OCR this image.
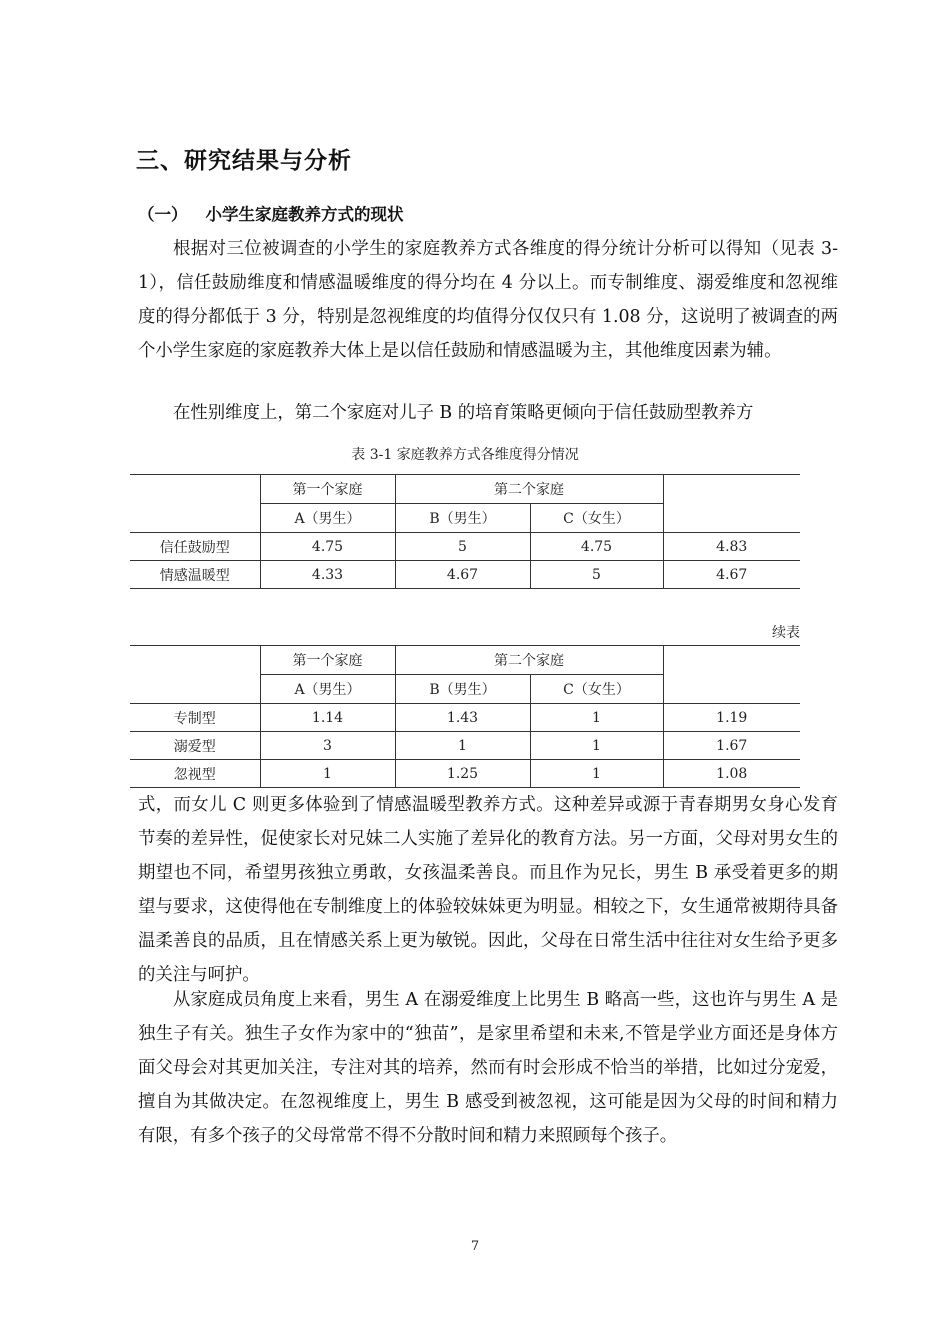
三、研究结果与分析
（一） 小学生家庭教养方式的现状

根据对三位被调查的小学生的家庭教养方式各维度的得分统计分析可以得知（见表 3-1），信任鼓励维度和情感温暖维度的得分均在 4 分以上。而专制维度、溺爱维度和忽视维度的得分都低于 3 分，特别是忽视维度的均值得分仅仅只有 1.08 分，这说明了被调查的两个小学生家庭的家庭教养大体上是以信任鼓励和情感温暖为主，其他维度因素为辅。

在性别维度上，第二个家庭对儿子 B 的培育策略更倾向于信任鼓励型教养方

表 3-1 家庭教养方式各维度得分情况
	第一个家庭	第二个家庭		
	A（男生）	B（男生）	C（女生）	
信任鼓励型	4.75	5	4.75	4.83
情感温暖型	4.33	4.67	5	4.67
续表
	第一个家庭	第二个家庭		
	A（男生）	B（男生）	C（女生）	
专制型	1.14	1.43	1	1.19
溺爱型	3	1	1	1.67
忽视型	1	1.25	1	1.08

式，而女儿 C 则更多体验到了情感温暖型教养方式。这种差异或源于青春期男女身心发育节奏的差异性，促使家长对兄妹二人实施了差异化的教育方法。另一方面，父母对男女生的期望也不同，希望男孩独立勇敢，女孩温柔善良。而且作为兄长，男生 B 承受着更多的期望与要求，这使得他在专制维度上的体验较妹妹更为明显。相较之下，女生通常被期待具备温柔善良的品质，且在情感关系上更为敏锐。因此，父母在日常生活中往往对女生给予更多的关注与呵护。

从家庭成员角度上来看，男生 A 在溺爱维度上比男生 B 略高一些，这也许与男生 A 是独生子有关。独生子女作为家中的“独苗”，是家里希望和未来,不管是学业方面还是身体方面父母会对其更加关注，专注对其的培养，然而有时会形成不恰当的举措，比如过分宠爱，擅自为其做决定。在忽视维度上，男生 B 感受到被忽视，这可能是因为父母的时间和精力有限，有多个孩子的父母常常不得不分散时间和精力来照顾每个孩子。

7
